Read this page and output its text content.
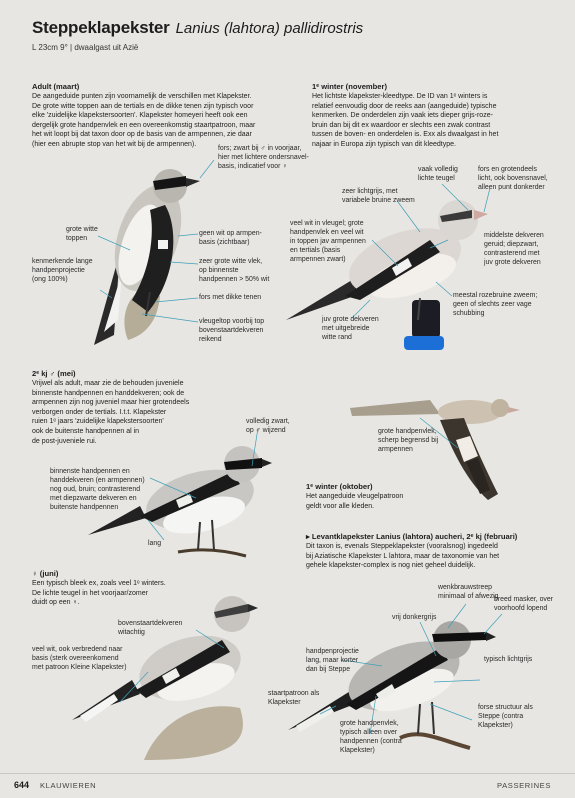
Steppeklapekster Lanius (lahtora) pallidirostris
L 23cm 9° | dwaalgast uit Azië
Adult (maart)
De aangeduide punten zijn voornamelijk de verschillen met Klapekster.
De grote witte toppen aan de tertials en de dikke tenen zijn typisch voor
elke 'zuidelijke klapekstersoorten'. Klapekster homeyeri heeft ook een
dergelijk grote handpenvlek en een overeenkomstig staartpatroon, maar
het wit loopt bij dat taxon door op de basis van de armpennen, zie daar
(hier een abrupte stop van het wit bij de armpennen).
fors; zwart bij ♂ in voorjaar,
hier met lichtere ondersnavel-
basis, indicatief voor ♀
grote witte
toppen
geen wit op armpen-
basis (zichtbaar)
kenmerkende lange
handpenprojectie
(ong 100%)
zeer grote witte vlek,
op binnenste
handpennen > 50% wit
fors met dikke tenen
vleugeltop voorbij top
bovenstaartdekveren
reikend
1ᵉ winter (november)
Het lichtste klapekster-kleedtype. De ID van 1ᵉ winters is
relatief eenvoudig door de reeks aan (aangeduide) typische
kenmerken. De onderdelen zijn vaak iets dieper grijs-roze-
bruin dan bij dit ex waardoor er slechts een zwak contrast
tussen de boven- en onderdelen is. Exx als dwaalgast in het
najaar in Europa zijn typisch van dit kleedtype.
vaak volledig
lichte teugel
fors en grotendeels
licht, ook bovensnavel,
alleen punt donkerder
zeer lichtgrijs, met
variabele bruine zweem
veel wit in vleugel; grote
handpenvlek en veel wit
in toppen jav armpennen
en tertials (basis
armpennen zwart)
middelste dekveren
geruid; diepzwart,
contrasterend met
juv grote dekveren
meestal rozebruine zweem;
geen of slechts zeer vage
schubbing
juv grote dekveren
met uitgebreide
witte rand
2ᵉ kj ♂ (mei)
Vrijwel als adult, maar zie de behouden juveniele
binnenste handpennen en handdekveren; ook de
armpennen zijn nog juveniel maar hier grotendeels
verborgen onder de tertials. I.t.t. Klapekster
ruien 1ᵉ jaars 'zuidelijke klapekstersoorten'
ook de buitenste handpennen al in
de post-juveniele rui.
volledig zwart,
op ♂ wijzend
binnenste handpennen en
handdekveren (en armpennen)
nog oud, bruin; contrasterend
met diepzwarte dekveren en
buitenste handpennen
lang
grote handpenvlek,
scherp begrensd bij
armpennen
1ᵉ winter (oktober)
Het aangeduide vleugelpatroon
geldt voor alle kleden.
♀ (juni)
Een typisch bleek ex, zoals veel 1ᵉ winters.
De lichte teugel in het voorjaar/zomer
duidt op een ♀.
bovenstaartdekveren
witachtig
veel wit, ook verbredend naar
basis (sterk overeenkomend
met patroon Kleine Klapekster)
▸ Levantklapekster Lanius (lahtora) aucheri, 2ᵉ kj (februari)
Dit taxon is, evenals Steppeklapekster (vooralsnog) ingedeeld
bij Aziatische Klapekster L lahtora, maar de taxonomie van het
gehele klapekster-complex is nog niet geheel duidelijk.
wenkbrauwstreep
minimaal of afwezig
breed masker, over
voorhoofd lopend
vrij donkergrijs
handpenprojectie
lang, maar korter
dan bij Steppe
typisch lichtgrijs
staartpatroon als
Klapekster
forse structuur als
Steppe (contra
Klapekster)
grote handpenvlek,
typisch alleen over
handpennen (contra
Klapekster)
644 KLAUWIEREN	PASSERINES
